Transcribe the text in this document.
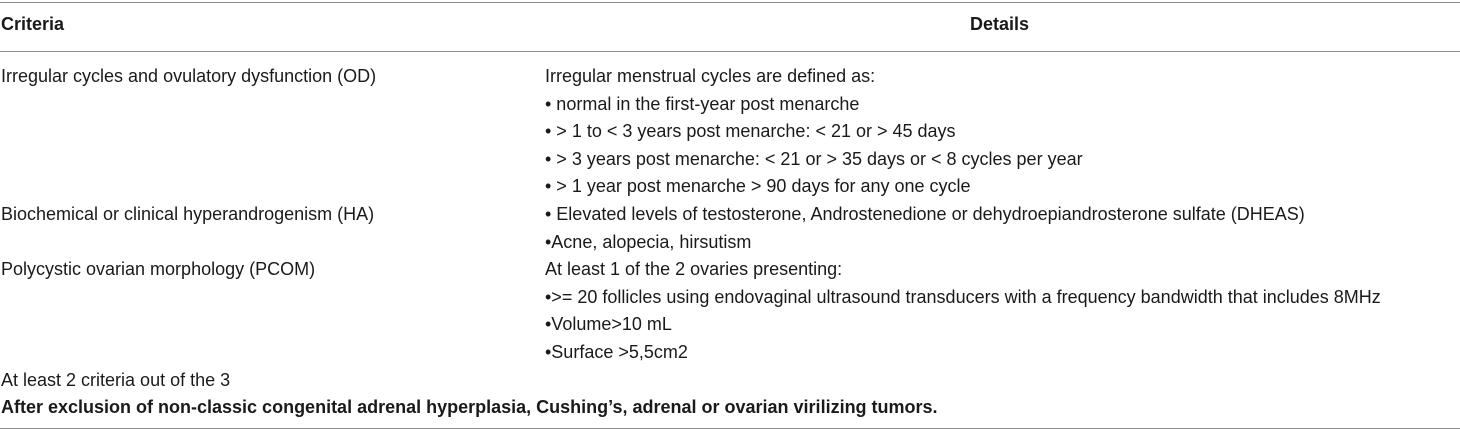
Criteria	Details
Irregular cycles and ovulatory dysfunction (OD)	Irregular menstrual cycles are defined as:
• normal in the first-year post menarche
• > 1 to < 3 years post menarche: < 21 or > 45 days
• > 3 years post menarche: < 21 or > 35 days or < 8 cycles per year
• > 1 year post menarche > 90 days for any one cycle
Biochemical or clinical hyperandrogenism (HA)	• Elevated levels of testosterone, Androstenedione or dehydroepiandrosterone sulfate (DHEAS)
•Acne, alopecia, hirsutism
Polycystic ovarian morphology (PCOM)	At least 1 of the 2 ovaries presenting:
•>= 20 follicles using endovaginal ultrasound transducers with a frequency bandwidth that includes 8MHz
•Volume>10 mL
•Surface >5,5cm2
At least 2 criteria out of the 3
After exclusion of non-classic congenital adrenal hyperplasia, Cushing’s, adrenal or ovarian virilizing tumors.
